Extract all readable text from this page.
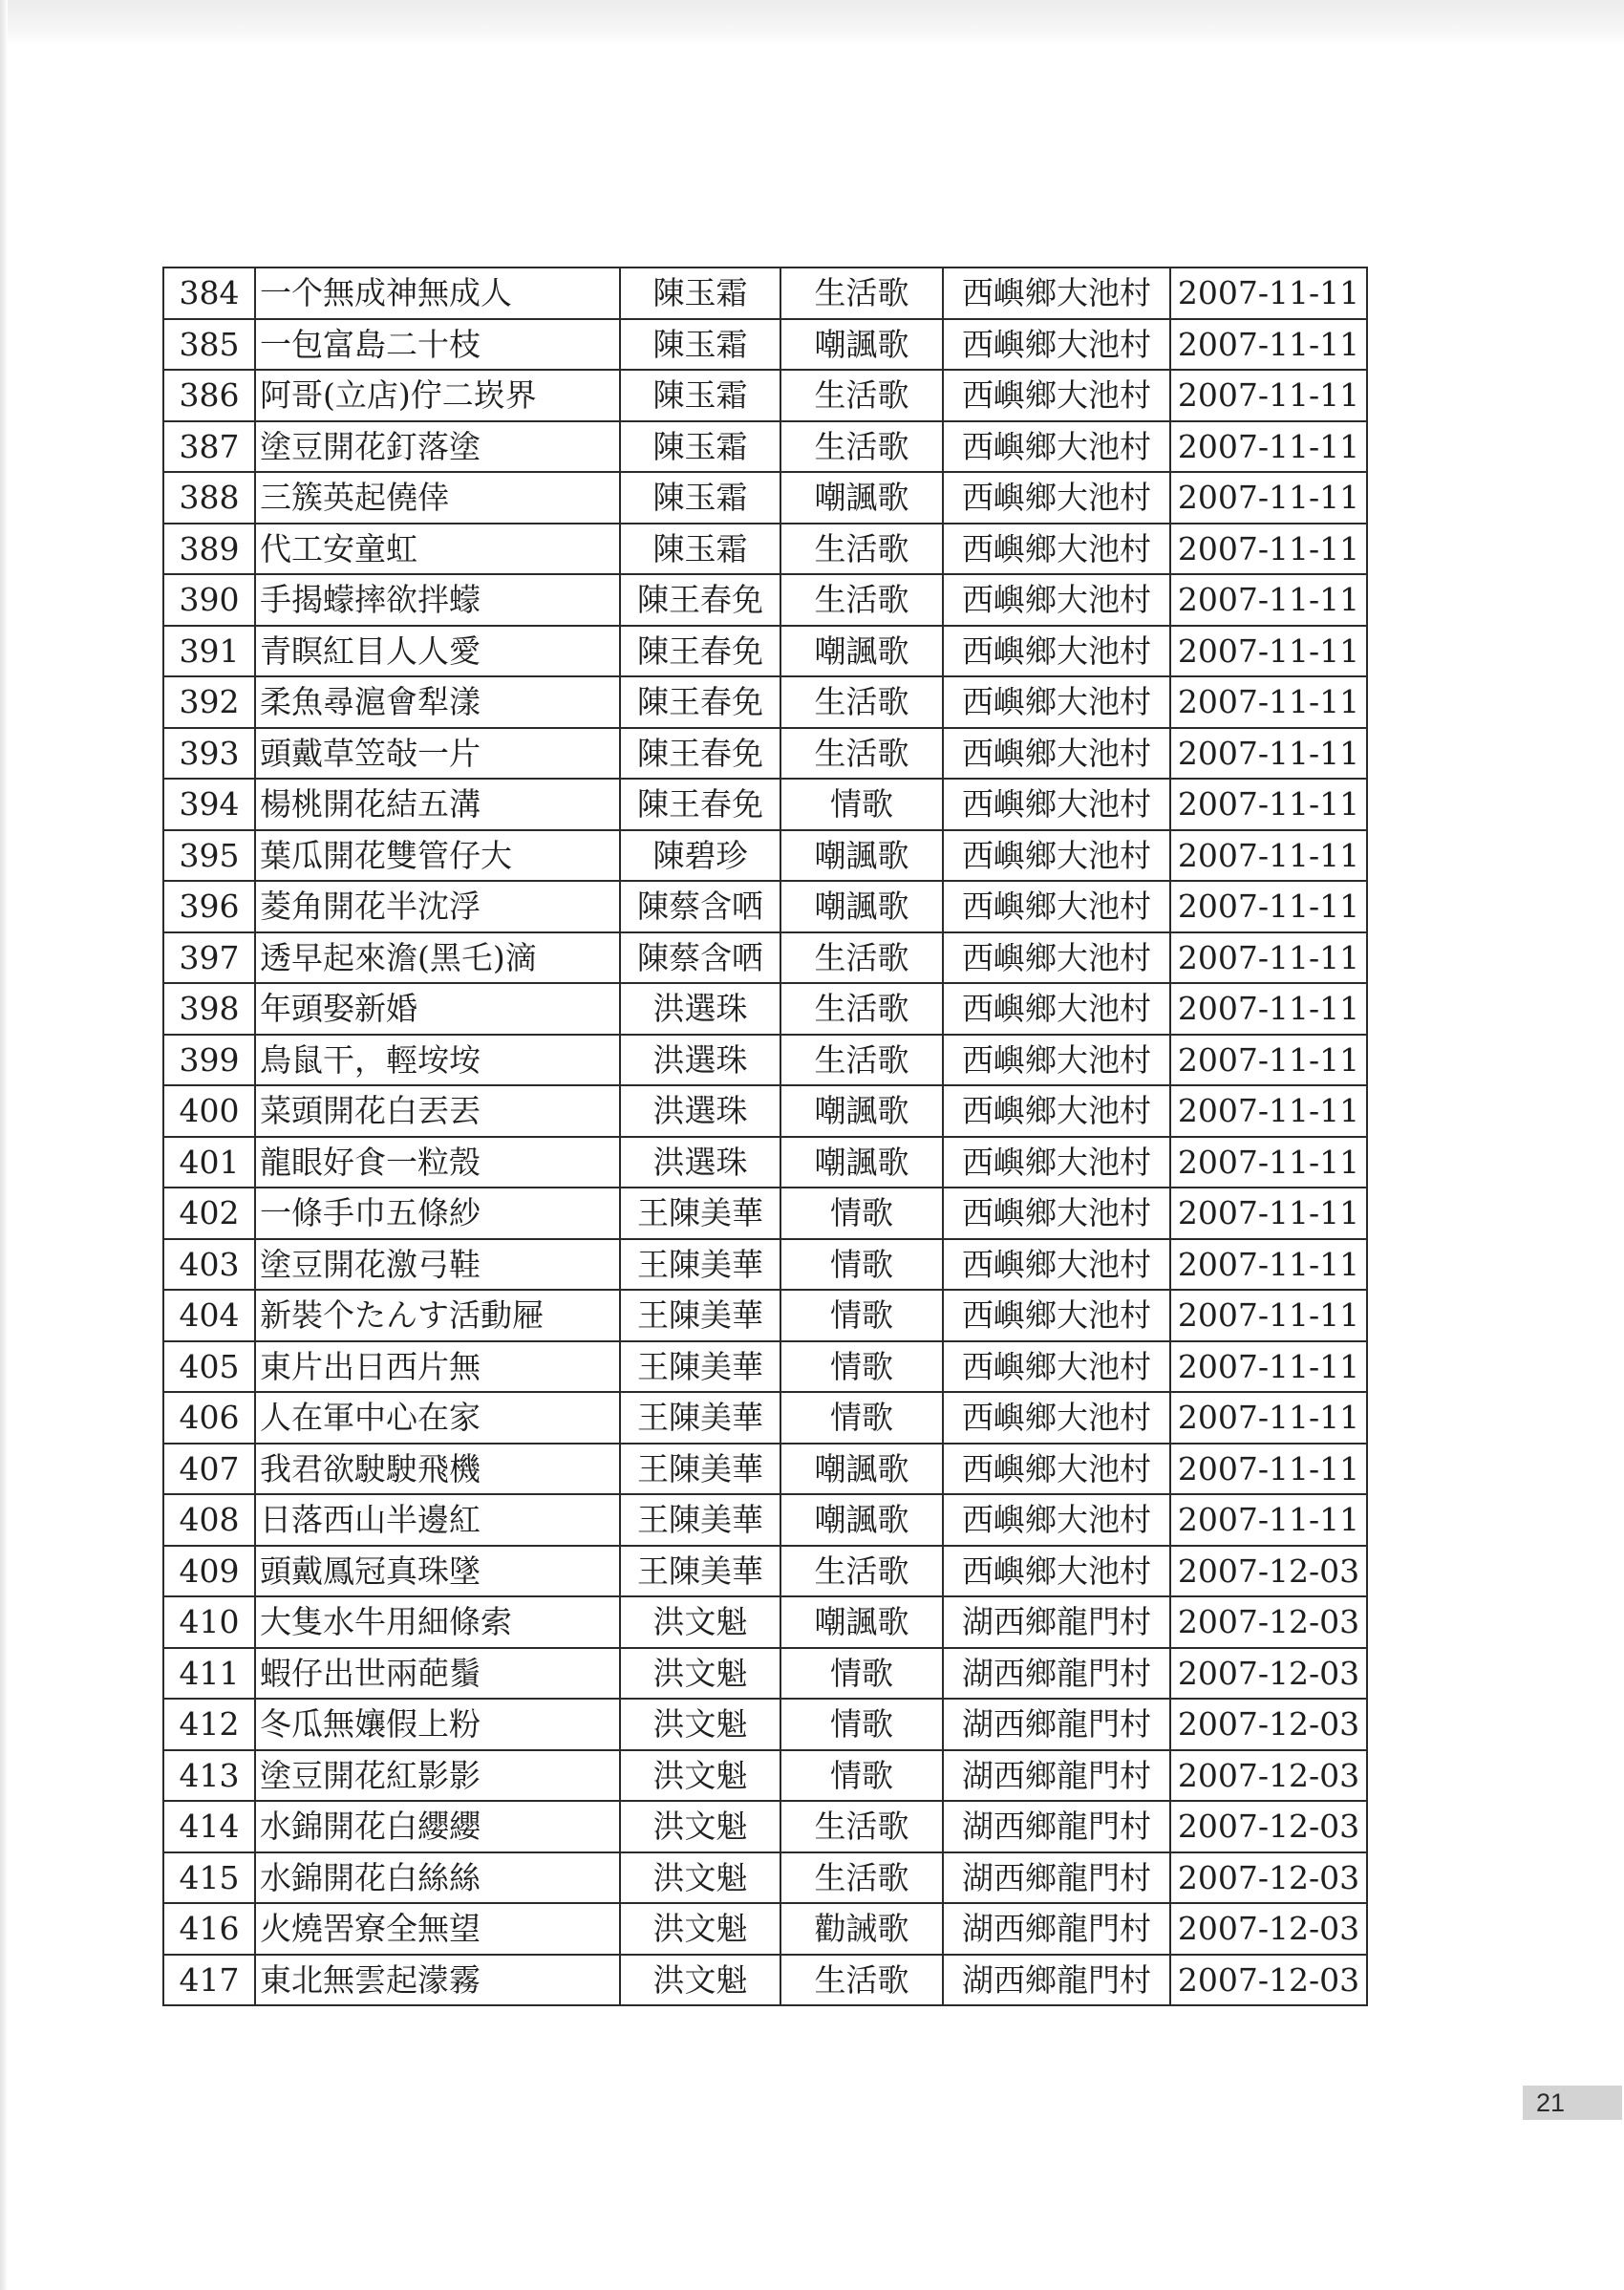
384	一个無成神無成人	陳玉霜	生活歌	西嶼鄉大池村	2007-11-11
385	一包富島二十枝	陳玉霜	嘲諷歌	西嶼鄉大池村	2007-11-11
386	阿哥(立店)佇二崁界	陳玉霜	生活歌	西嶼鄉大池村	2007-11-11
387	塗豆開花釘落塗	陳玉霜	生活歌	西嶼鄉大池村	2007-11-11
388	三簇英起僥倖	陳玉霜	嘲諷歌	西嶼鄉大池村	2007-11-11
389	代工安童虹	陳玉霜	生活歌	西嶼鄉大池村	2007-11-11
390	手揭蠓摔欲拌蠓	陳王春免	生活歌	西嶼鄉大池村	2007-11-11
391	青瞑紅目人人愛	陳王春免	嘲諷歌	西嶼鄉大池村	2007-11-11
392	柔魚尋滬會犁漾	陳王春免	生活歌	西嶼鄉大池村	2007-11-11
393	頭戴草笠敧一片	陳王春免	生活歌	西嶼鄉大池村	2007-11-11
394	楊桃開花結五溝	陳王春免	情歌	西嶼鄉大池村	2007-11-11
395	葉瓜開花雙管仔大	陳碧珍	嘲諷歌	西嶼鄉大池村	2007-11-11
396	菱角開花半沈浮	陳蔡含哂	嘲諷歌	西嶼鄉大池村	2007-11-11
397	透早起來澹(黑乇)滴	陳蔡含哂	生活歌	西嶼鄉大池村	2007-11-11
398	年頭娶新婚	洪選珠	生活歌	西嶼鄉大池村	2007-11-11
399	鳥鼠干，輕垵垵	洪選珠	生活歌	西嶼鄉大池村	2007-11-11
400	菜頭開花白丟丟	洪選珠	嘲諷歌	西嶼鄉大池村	2007-11-11
401	龍眼好食一粒殼	洪選珠	嘲諷歌	西嶼鄉大池村	2007-11-11
402	一條手巾五條紗	王陳美華	情歌	西嶼鄉大池村	2007-11-11
403	塗豆開花激弓鞋	王陳美華	情歌	西嶼鄉大池村	2007-11-11
404	新裝个たんす活動屜	王陳美華	情歌	西嶼鄉大池村	2007-11-11
405	東片出日西片無	王陳美華	情歌	西嶼鄉大池村	2007-11-11
406	人在軍中心在家	王陳美華	情歌	西嶼鄉大池村	2007-11-11
407	我君欲駛駛飛機	王陳美華	嘲諷歌	西嶼鄉大池村	2007-11-11
408	日落西山半邊紅	王陳美華	嘲諷歌	西嶼鄉大池村	2007-11-11
409	頭戴鳳冠真珠墜	王陳美華	生活歌	西嶼鄉大池村	2007-12-03
410	大隻水牛用細條索	洪文魁	嘲諷歌	湖西鄉龍門村	2007-12-03
411	蝦仔出世兩葩鬚	洪文魁	情歌	湖西鄉龍門村	2007-12-03
412	冬瓜無孃假上粉	洪文魁	情歌	湖西鄉龍門村	2007-12-03
413	塗豆開花紅影影	洪文魁	情歌	湖西鄉龍門村	2007-12-03
414	水錦開花白纓纓	洪文魁	生活歌	湖西鄉龍門村	2007-12-03
415	水錦開花白絲絲	洪文魁	生活歌	湖西鄉龍門村	2007-12-03
416	火燒罟寮全無望	洪文魁	勸誡歌	湖西鄉龍門村	2007-12-03
417	東北無雲起濛霧	洪文魁	生活歌	湖西鄉龍門村	2007-12-03
21
